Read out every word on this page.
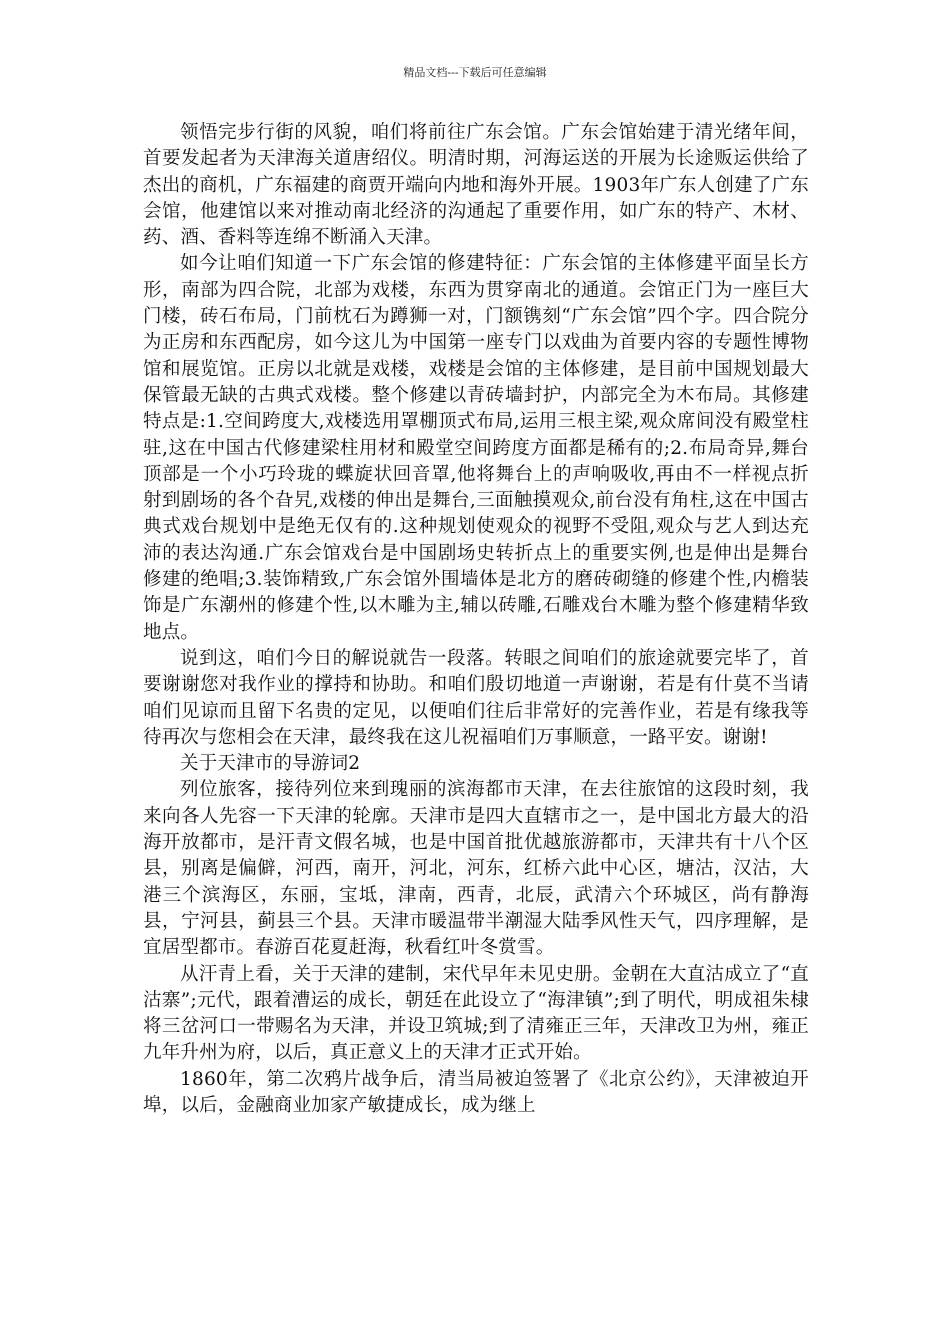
精品文档---下载后可任意编辑

领悟完步行街的风貌，咱们将前往广东会馆。广东会馆始建于清光绪年间，首要发起者为天津海关道唐绍仪。明清时期，河海运送的开展为长途贩运供给了杰出的商机，广东福建的商贾开端向内地和海外开展。1903年广东人创建了广东会馆，他建馆以来对推动南北经济的沟通起了重要作用，如广东的特产、木材、药、酒、香料等连绵不断涌入天津。

如今让咱们知道一下广东会馆的修建特征：广东会馆的主体修建平面呈长方形，南部为四合院，北部为戏楼，东西为贯穿南北的通道。会馆正门为一座巨大门楼，砖石布局，门前枕石为蹲狮一对，门额镌刻“广东会馆”四个字。四合院分为正房和东西配房，如今这儿为中国第一座专门以戏曲为首要内容的专题性博物馆和展览馆。正房以北就是戏楼，戏楼是会馆的主体修建，是目前中国规划最大保管最无缺的古典式戏楼。整个修建以青砖墙封护，内部完全为木布局。其修建特点是:1.空间跨度大,戏楼选用罩棚顶式布局,运用三根主梁,观众席间没有殿堂柱驻,这在中国古代修建梁柱用材和殿堂空间跨度方面都是稀有的;2.布局奇异,舞台顶部是一个小巧玲珑的蝶旋状回音罩,他将舞台上的声响吸收,再由不一样视点折射到剧场的各个旮旯,戏楼的伸出是舞台,三面触摸观众,前台没有角柱,这在中国古典式戏台规划中是绝无仅有的.这种规划使观众的视野不受阻,观众与艺人到达充沛的表达沟通.广东会馆戏台是中国剧场史转折点上的重要实例,也是伸出是舞台修建的绝唱;3.装饰精致,广东会馆外围墙体是北方的磨砖砌缝的修建个性,内檐装饰是广东潮州的修建个性,以木雕为主,辅以砖雕,石雕戏台木雕为整个修建精华致地点。

说到这，咱们今日的解说就告一段落。转眼之间咱们的旅途就要完毕了，首要谢谢您对我作业的撑持和协助。和咱们殷切地道一声谢谢，若是有什莫不当请咱们见谅而且留下名贵的定见，以便咱们往后非常好的完善作业，若是有缘我等待再次与您相会在天津，最终我在这儿祝福咱们万事顺意，一路平安。谢谢!

关于天津市的导游词2

列位旅客，接待列位来到瑰丽的滨海都市天津，在去往旅馆的这段时刻，我来向各人先容一下天津的轮廓。天津市是四大直辖市之一，是中国北方最大的沿海开放都市，是汗青文假名城，也是中国首批优越旅游都市，天津共有十八个区县，别离是偏僻，河西，南开，河北，河东，红桥六此中心区，塘沽，汉沽，大港三个滨海区，东丽，宝坻，津南，西青，北辰，武清六个环城区，尚有静海县，宁河县，蓟县三个县。天津市暖温带半潮湿大陆季风性天气，四序理解，是宜居型都市。春游百花夏赶海，秋看红叶冬赏雪。

从汗青上看，关于天津的建制，宋代早年未见史册。金朝在大直沽成立了“直沽寨”;元代，跟着漕运的成长，朝廷在此设立了“海津镇”;到了明代，明成祖朱棣将三岔河口一带赐名为天津，并设卫筑城;到了清雍正三年，天津改卫为州，雍正九年升州为府，以后，真正意义上的天津才正式开始。

1860年，第二次鸦片战争后，清当局被迫签署了《北京公约》，天津被迫开埠，以后，金融商业加家产敏捷成长，成为继上
